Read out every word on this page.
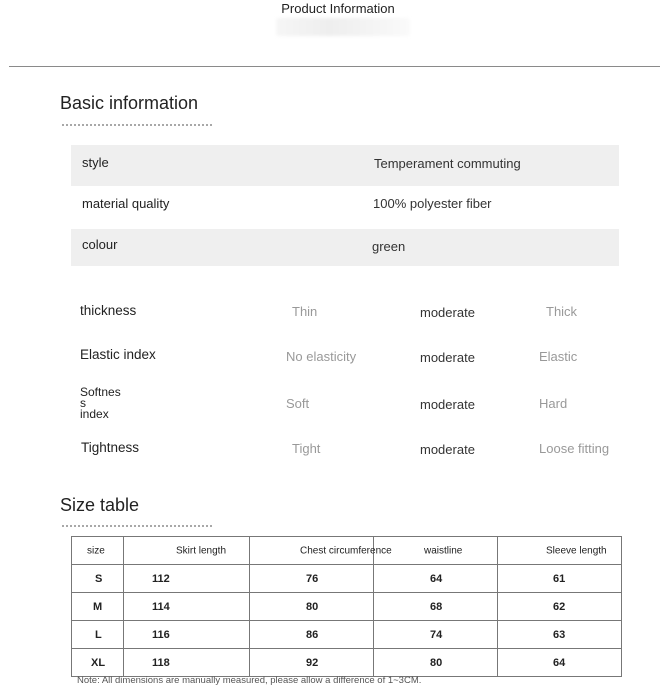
Product Information
Basic information
style	Temperament commuting
material quality	100% polyester fiber
colour	green
thickness	Thin	moderate	Thick
Elastic index	No elasticity	moderate	Elastic
Softnes
s
index
Soft	moderate	Hard
Tightness	Tight	moderate	Loose fitting
Size table
size	Skirt length	Chest circumference	waistline	Sleeve length

S	112	76	64	61

M	114	80	68	62

L	116	86	74	63

XL	118	92	80	64
Note: All dimensions are manually measured, please allow a difference of 1~3CM.
